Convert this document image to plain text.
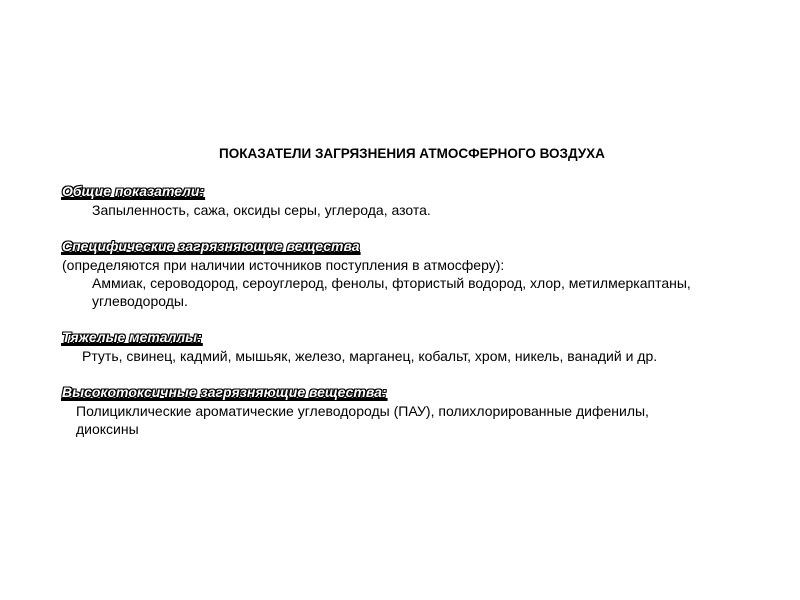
ПОКАЗАТЕЛИ ЗАГРЯЗНЕНИЯ АТМОСФЕРНОГО ВОЗДУХА
Общие показатели:
Запыленность, сажа, оксиды серы, углерода, азота.
Специфические загрязняющие вещества
(определяются при наличии источников поступления в атмосферу):
Аммиак, сероводород, сероуглерод, фенолы, фтористый водород, хлор, метилмеркаптаны,
углеводороды.
Тяжелые металлы:
Ртуть, свинец, кадмий, мышьяк, железо, марганец, кобальт, хром, никель, ванадий и др.
Высокотоксичные загрязняющие вещества:
Полициклические ароматические углеводороды (ПАУ), полихлорированные дифенилы,
диоксины
